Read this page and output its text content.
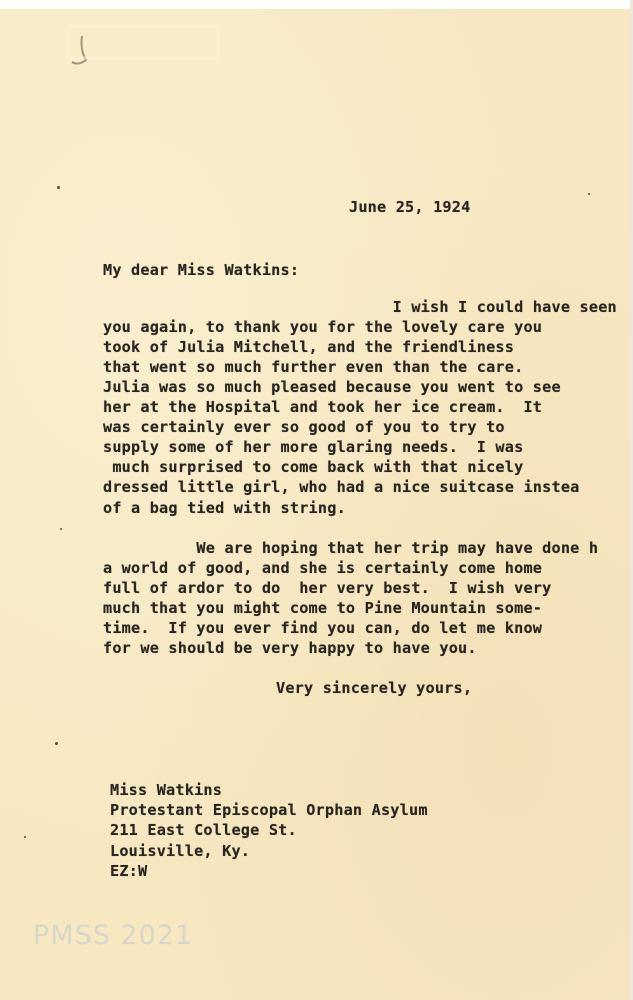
June 25, 1924
My dear Miss Watkins:
I wish I could have seen
you again, to thank you for the lovely care you
took of Julia Mitchell, and the friendliness
that went so much further even than the care.
Julia was so much pleased because you went to see
her at the Hospital and took her ice cream.  It
was certainly ever so good of you to try to
supply some of her more glaring needs.  I was
much surprised to come back with that nicely
dressed little girl, who had a nice suitcase instea
of a bag tied with string.
We are hoping that her trip may have done h
a world of good, and she is certainly come home
full of ardor to do  her very best.  I wish very
much that you might come to Pine Mountain some-
time.  If you ever find you can, do let me know
for we should be very happy to have you.
Very sincerely yours,
Miss Watkins
Protestant Episcopal Orphan Asylum
211 East College St.
Louisville, Ky.
EZ:W
PMSS 2021
